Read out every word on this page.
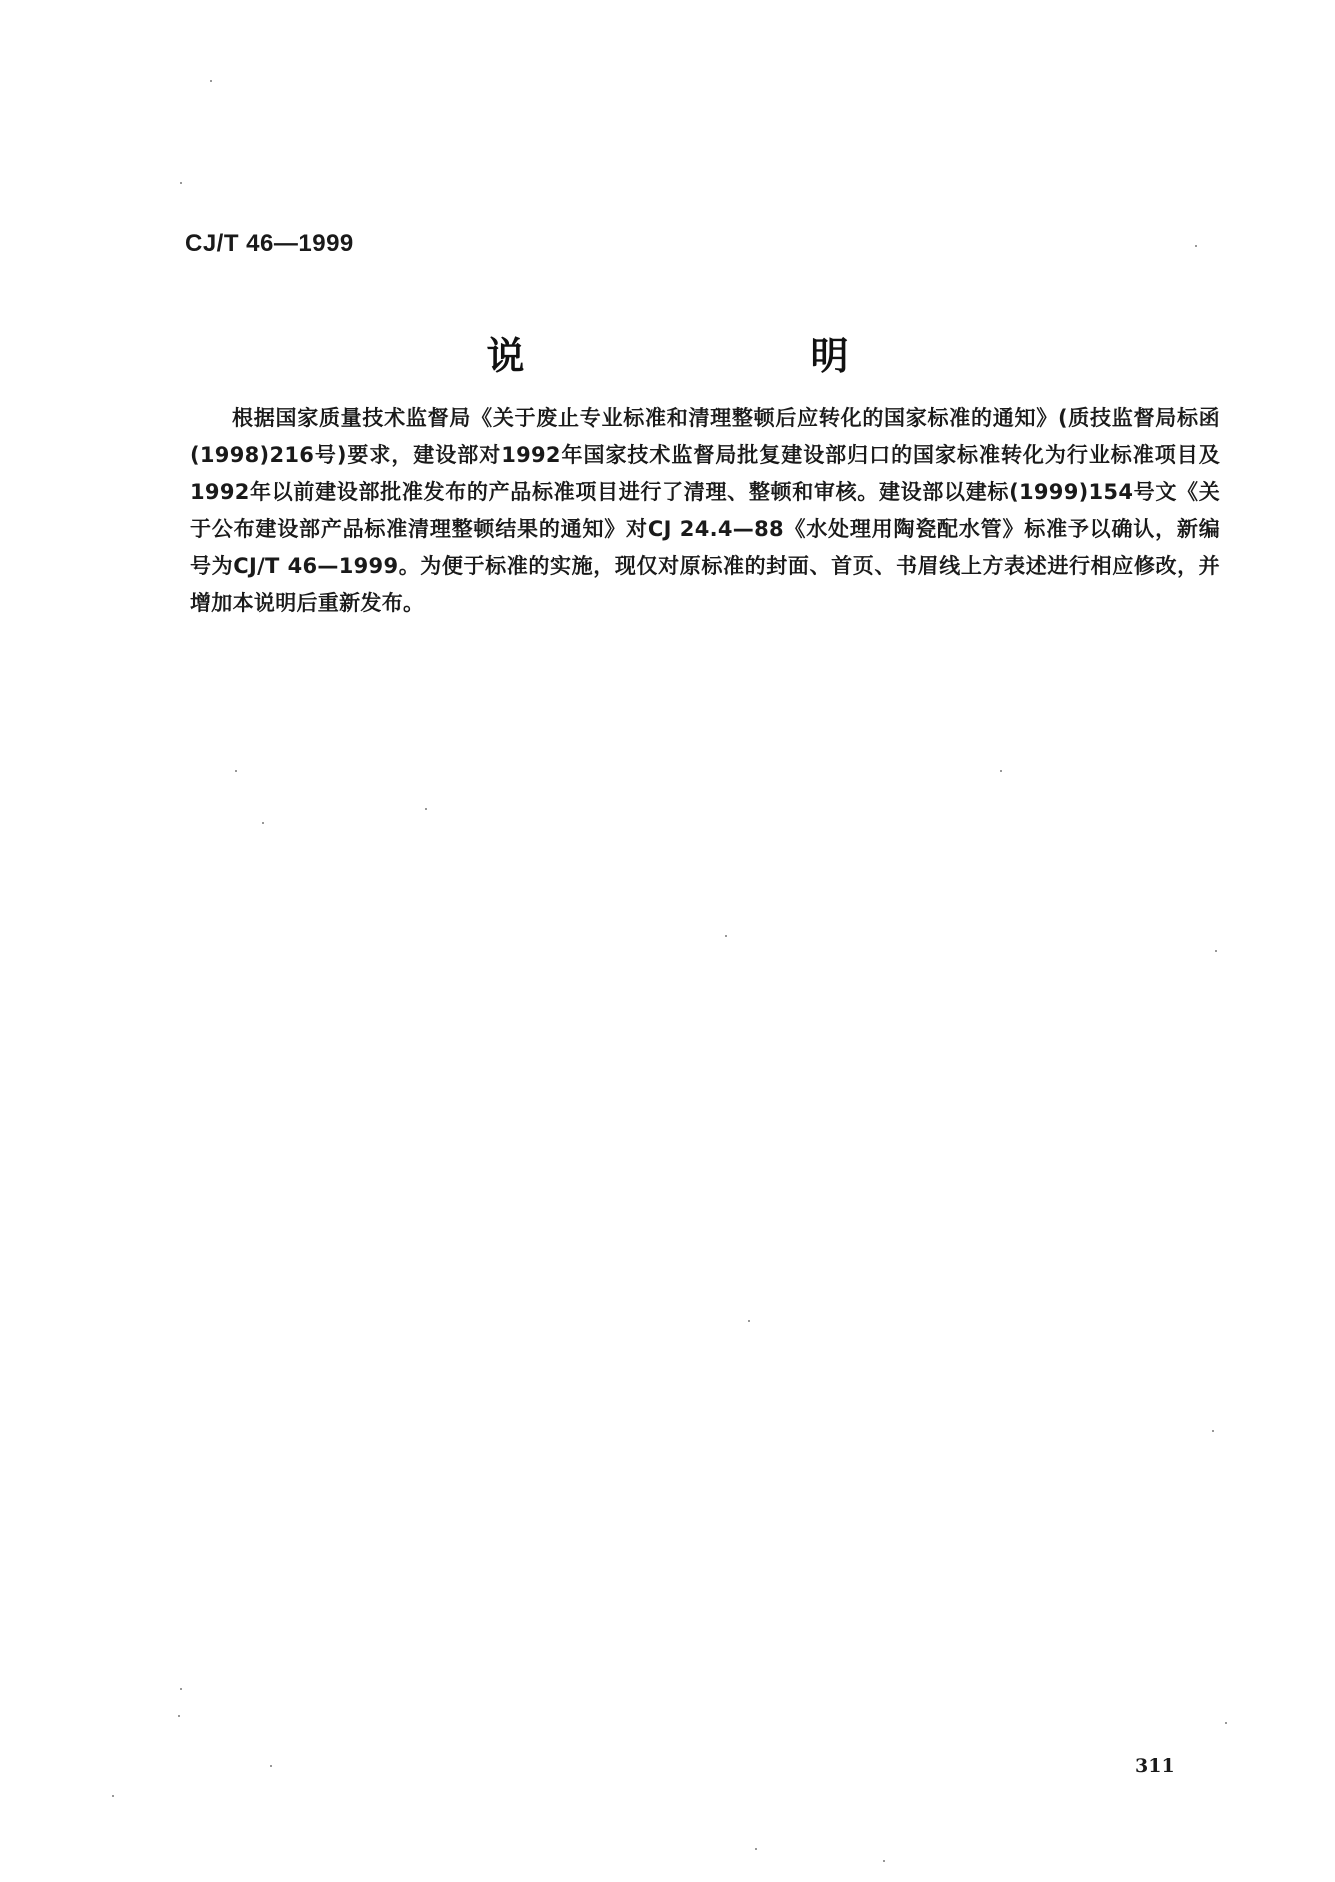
CJ/T 46—1999
说　　明
根据国家质量技术监督局《关于废止专业标准和清理整顿后应转化的国家标准的通知》(质技监督局标函(1998)216号)要求，建设部对1992年国家技术监督局批复建设部归口的国家标准转化为行业标准项目及1992年以前建设部批准发布的产品标准项目进行了清理、整顿和审核。建设部以建标(1999)154号文《关于公布建设部产品标准清理整顿结果的通知》对CJ 24.4—88《水处理用陶瓷配水管》标准予以确认，新编号为CJ/T 46—1999。为便于标准的实施，现仅对原标准的封面、首页、书眉线上方表述进行相应修改，并增加本说明后重新发布。
311
